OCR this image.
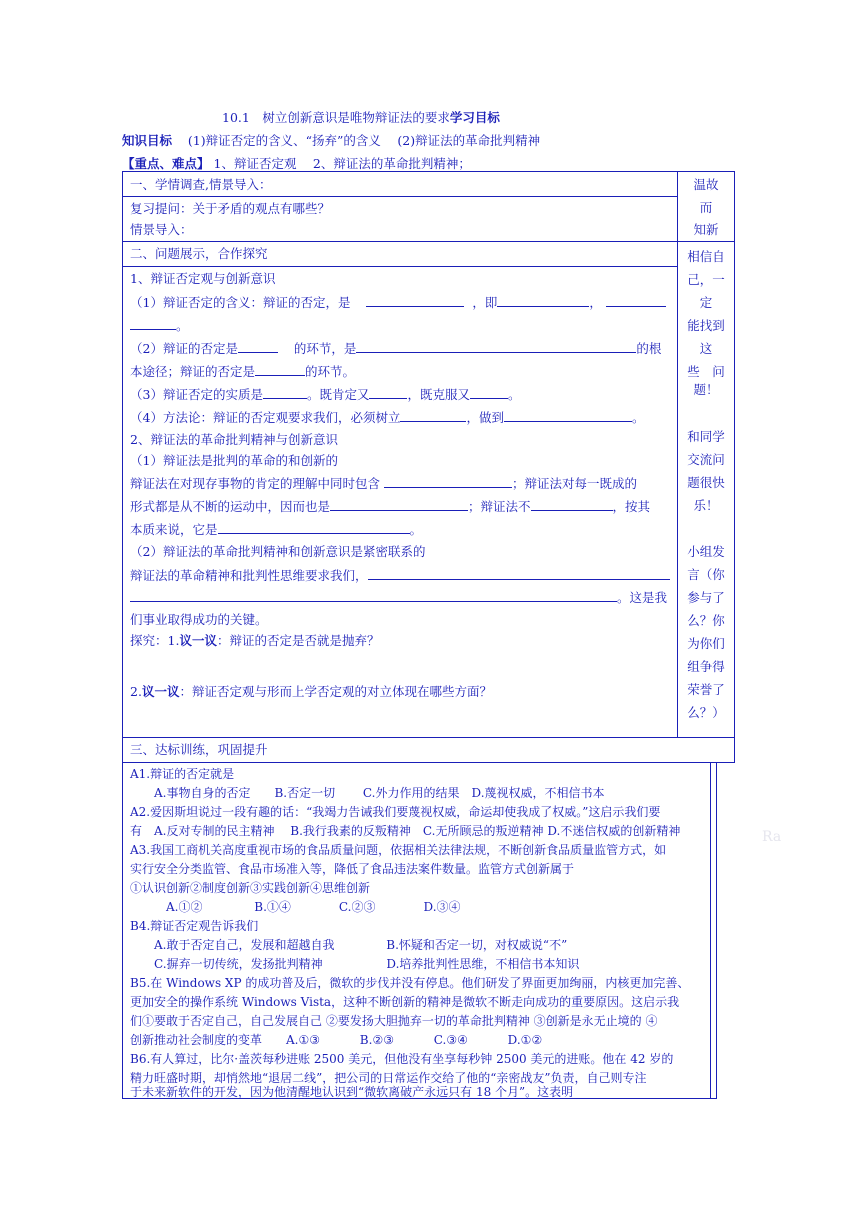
10.1　树立创新意识是唯物辩证法的要求学习目标
知识目标 (1)辩证否定的含义、“扬弃”的含义　 (2)辩证法的革命批判精神
【重点、难点】 1、辩证否定观　 2、辩证法的革命批判精神；
一、学情调查,情景导入：
复习提问：关于矛盾的观点有哪些？
情景导入：
温故
而
知新
二、问题展示，合作探究
1、辩证否定观与创新意识
（1）辩证否定的含义：辩证的否定，是	，即	，
。
（2）辩证的否定是	的环节，是	的根
本途径；辩证的否定是	的环节。
（3）辩证否定的实质是	。既肯定又	，既克服又	。
（4）方法论：辩证的否定观要求我们，必须树立	，做到	。
2、辩证法的革命批判精神与创新意识
（1）辩证法是批判的革命的和创新的
辩证法在对现存事物的肯定的理解中同时包含	；辩证法对每一既成的
形式都是从不断的运动中，因而也是	；辩证法不	，按其
本质来说，它是	。
（2）辩证法的革命批判精神和创新意识是紧密联系的
辩证法的革命精神和批判性思维要求我们，
。这是我
们事业取得成功的关键。
探究：1.议一议：辩证的否定是否就是抛弃？
2.议一议：辩证否定观与形而上学否定观的对立体现在哪些方面？
相信自
己，一
定
能找到
这
些　问
题！
和同学
交流问
题很快
乐！
小组发
言（你
参与了
么？你
为你们
组争得
荣誉了
么？）
三、达标训练，巩固提升
A1.辩证的否定就是
　　A.事物自身的否定　　B.否定一切　　 C.外力作用的结果　D.蔑视权威，不相信书本
A2.爱因斯坦说过一段有趣的话：“我竭力告诫我们要蔑视权威，命运却使我成了权威。”这启示我们要
有　A.反对专制的民主精神　 B.我行我素的反叛精神　C.无所顾忌的叛逆精神 D.不迷信权威的创新精神
A3.我国工商机关高度重视市场的食品质量问题，依据相关法律法规，不断创新食品质量监管方式，如
实行安全分类监管、食品市场准入等，降低了食品违法案件数量。监管方式创新属于
①认识创新②制度创新③实践创新④思维创新
　　　A.①②　　　　 B.①④　　　　C.②③　　　　D.③④
B4.辩证否定观告诉我们
　　A.敢于否定自己，发展和超越自我　　　　 B.怀疑和否定一切，对权威说“不”
　　C.摒弃一切传统，发扬批判精神　　　　　 D.培养批判性思维，不相信书本知识
B5.在 Windows XP 的成功普及后，微软的步伐并没有停息。他们研发了界面更加绚丽，内核更加完善、
更加安全的操作系统 Windows Vista，这种不断创新的精神是微软不断走向成功的重要原因。这启示我
们①要敢于否定自己，自己发展自己 ②要发扬大胆抛弃一切的革命批判精神 ③创新是永无止境的 ④
创新推动社会制度的变革　　A.①③　　　 B.②③　　　 C.③④　　　 D.①②
B6.有人算过，比尔·盖茨每秒进账 2500 美元，但他没有坐享每秒钟 2500 美元的进账。他在 42 岁的
精力旺盛时期，却悄然地“退居二线”，把公司的日常运作交给了他的“亲密战友”负责，自己则专注
于未来新软件的开发，因为他清醒地认识到“微软离破产永远只有 18 个月”。这表明
Ra
